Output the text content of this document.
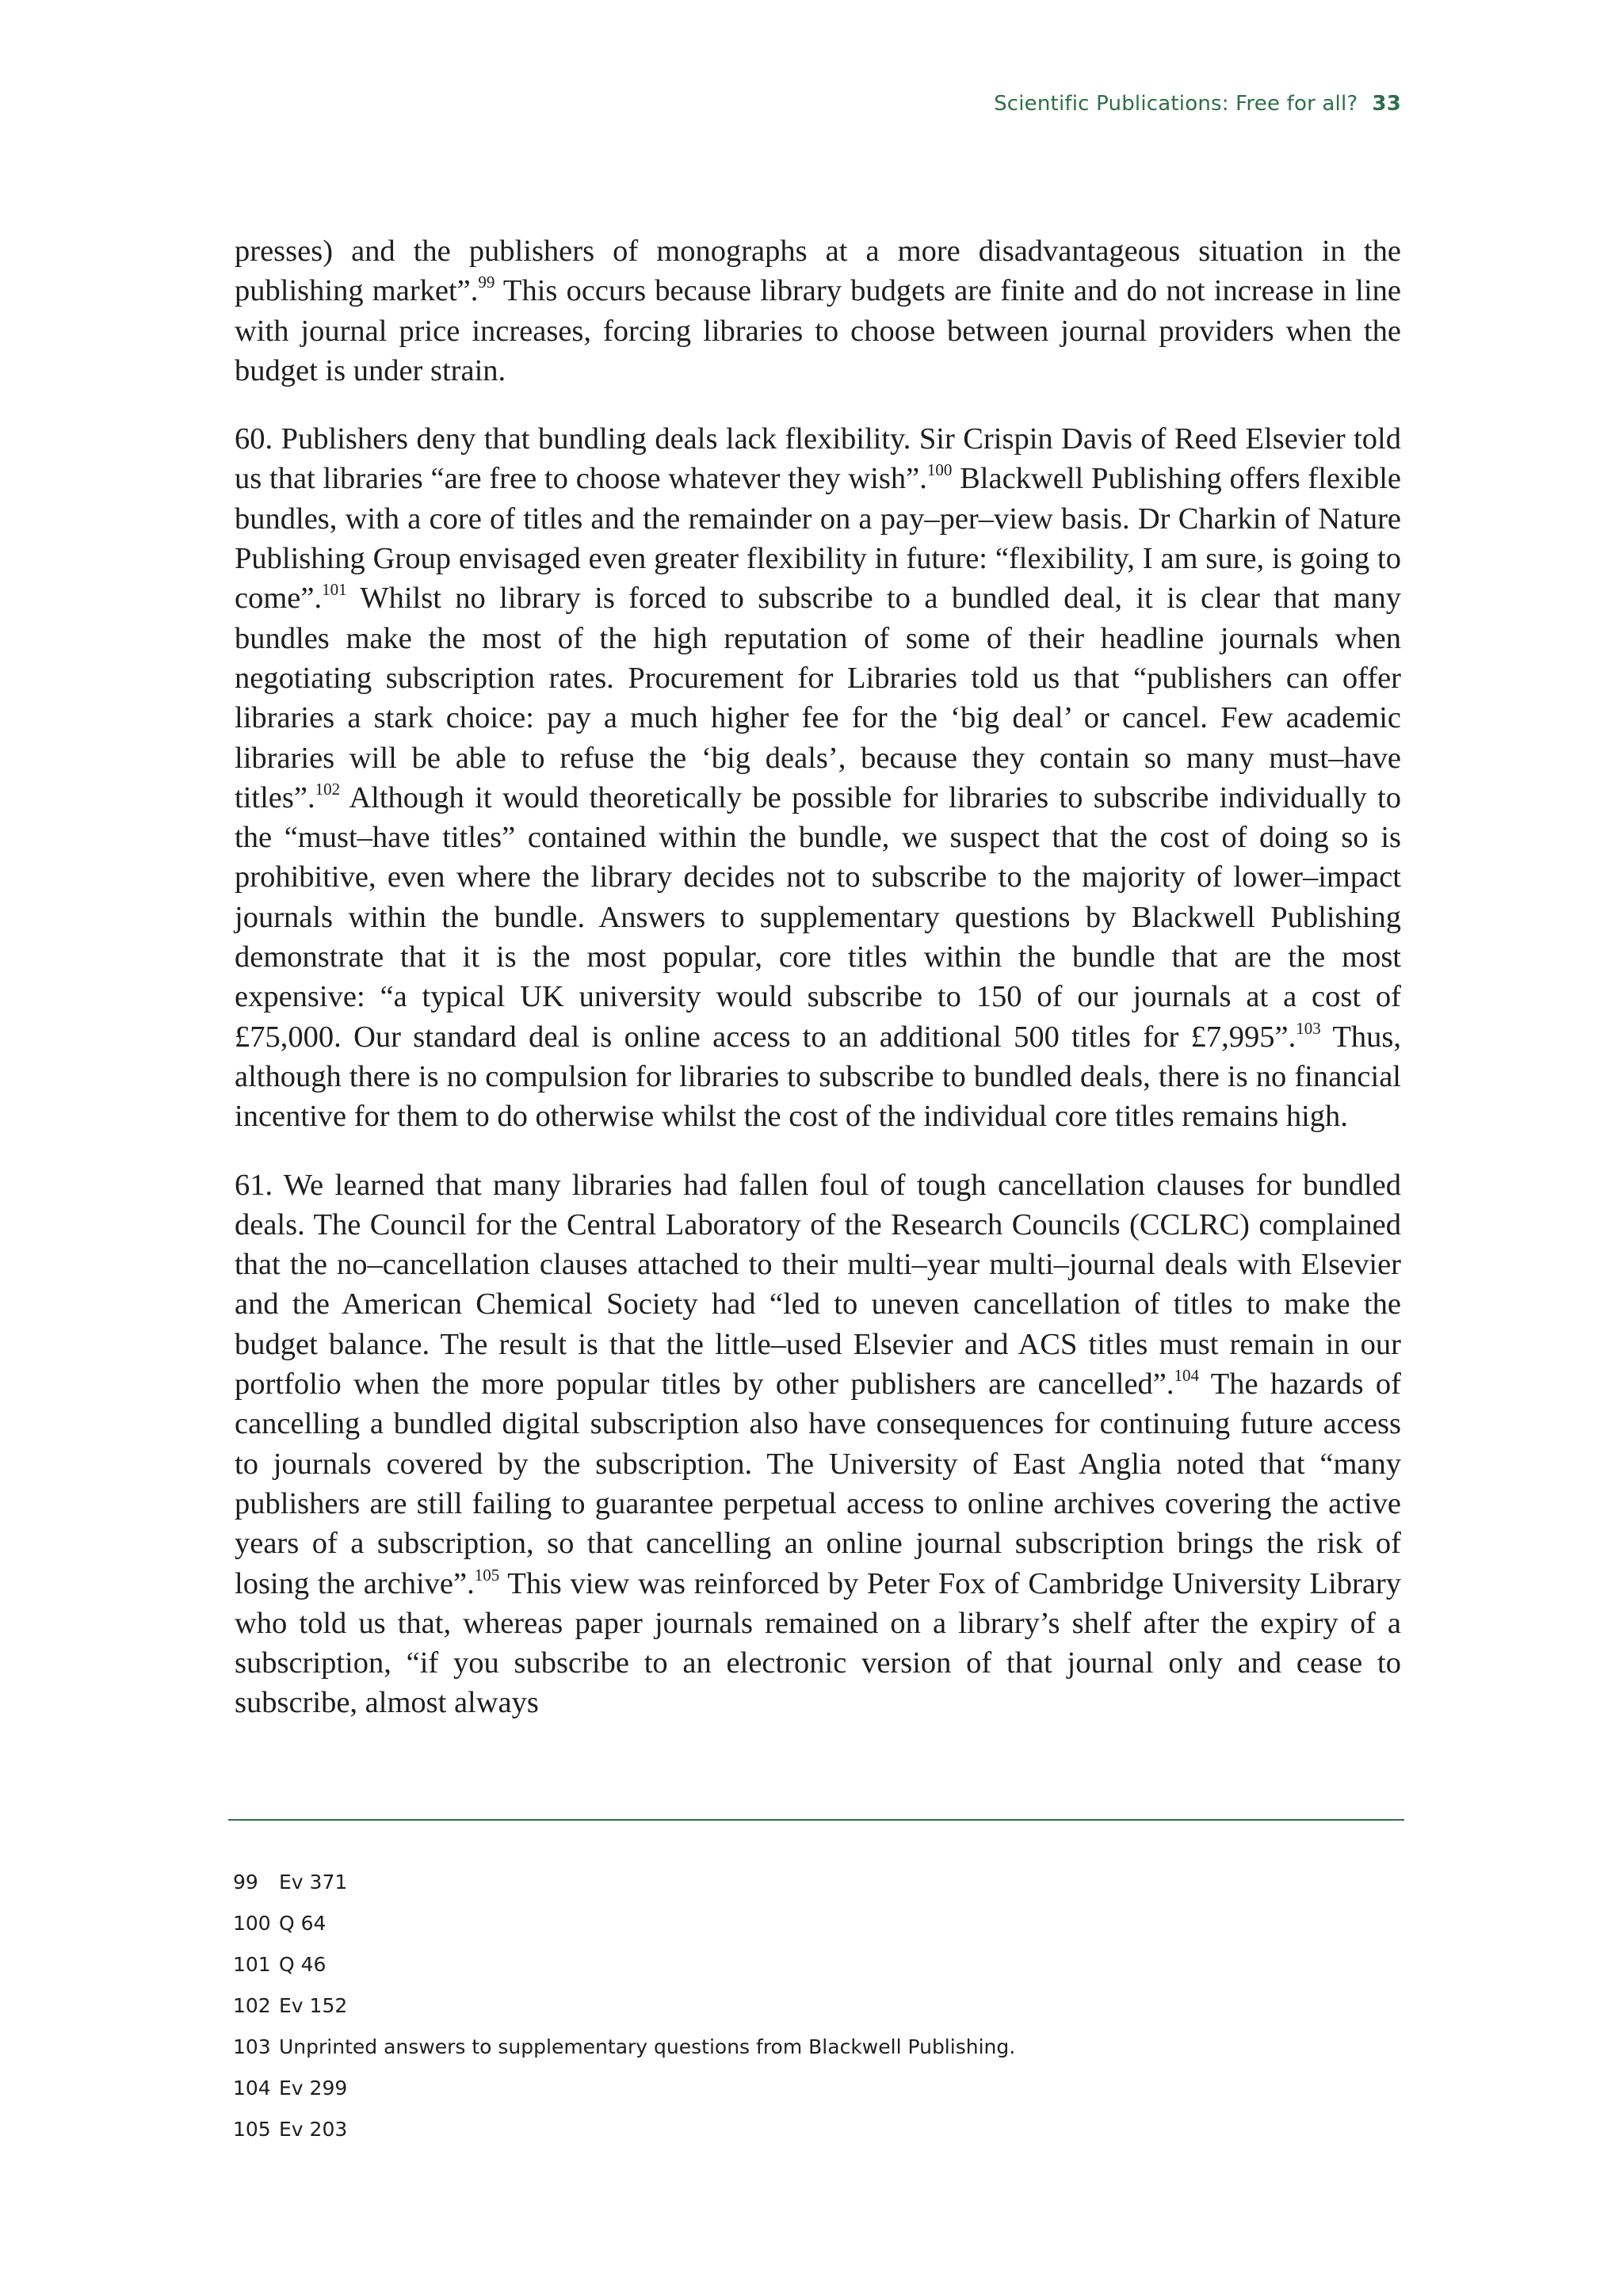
Scientific Publications: Free for all? 33

presses) and the publishers of monographs at a more disadvantageous situation in the publishing market”.$^{99}$ This occurs because library budgets are finite and do not increase in line with journal price increases, forcing libraries to choose between journal providers when the budget is under strain.

60. Publishers deny that bundling deals lack flexibility. Sir Crispin Davis of Reed Elsevier told us that libraries “are free to choose whatever they wish”.$^{100}$ Blackwell Publishing offers flexible bundles, with a core of titles and the remainder on a pay–per–view basis. Dr Charkin of Nature Publishing Group envisaged even greater flexibility in future: “flexibility, I am sure, is going to come”.$^{101}$ Whilst no library is forced to subscribe to a bundled deal, it is clear that many bundles make the most of the high reputation of some of their headline journals when negotiating subscription rates. Procurement for Libraries told us that “publishers can offer libraries a stark choice: pay a much higher fee for the ‘big deal’ or cancel. Few academic libraries will be able to refuse the ‘big deals’, because they contain so many must–have titles”.$^{102}$ Although it would theoretically be possible for libraries to subscribe individually to the “must–have titles” contained within the bundle, we suspect that the cost of doing so is prohibitive, even where the library decides not to subscribe to the majority of lower–impact journals within the bundle. Answers to supplementary questions by Blackwell Publishing demonstrate that it is the most popular, core titles within the bundle that are the most expensive: “a typical UK university would subscribe to 150 of our journals at a cost of £75,000. Our standard deal is online access to an additional 500 titles for £7,995”.$^{103}$ Thus, although there is no compulsion for libraries to subscribe to bundled deals, there is no financial incentive for them to do otherwise whilst the cost of the individual core titles remains high.

61. We learned that many libraries had fallen foul of tough cancellation clauses for bundled deals. The Council for the Central Laboratory of the Research Councils (CCLRC) complained that the no–cancellation clauses attached to their multi–year multi–journal deals with Elsevier and the American Chemical Society had “led to uneven cancellation of titles to make the budget balance. The result is that the little–used Elsevier and ACS titles must remain in our portfolio when the more popular titles by other publishers are cancelled”.$^{104}$ The hazards of cancelling a bundled digital subscription also have consequences for continuing future access to journals covered by the subscription. The University of East Anglia noted that “many publishers are still failing to guarantee perpetual access to online archives covering the active years of a subscription, so that cancelling an online journal subscription brings the risk of losing the archive”.$^{105}$ This view was reinforced by Peter Fox of Cambridge University Library who told us that, whereas paper journals remained on a library’s shelf after the expiry of a subscription, “if you subscribe to an electronic version of that journal only and cease to subscribe, almost always

99 Ev 371
100 Q 64
101 Q 46
102 Ev 152
103 Unprinted answers to supplementary questions from Blackwell Publishing.
104 Ev 299
105 Ev 203
